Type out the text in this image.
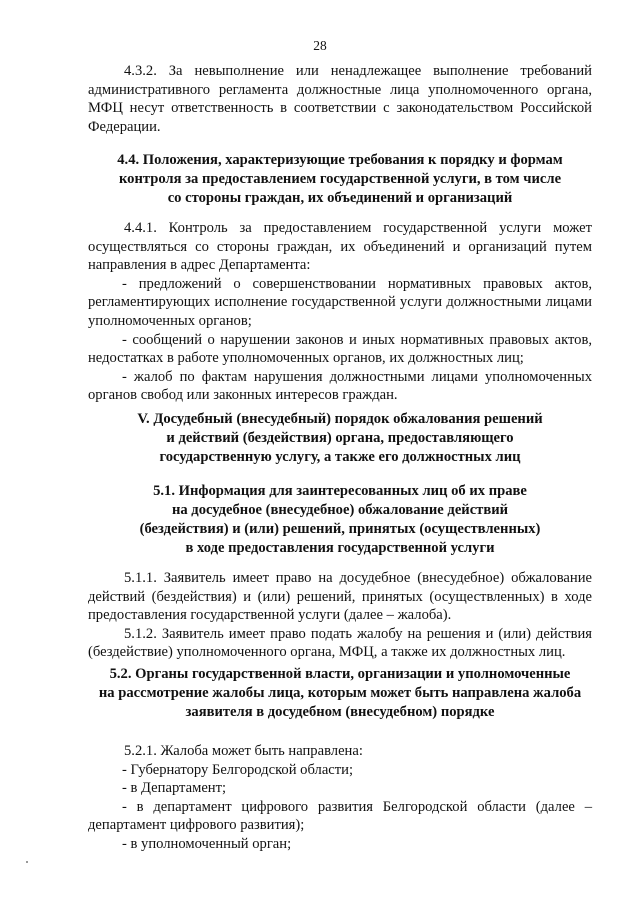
28

4.3.2. За невыполнение или ненадлежащее выполнение требований административного регламента должностные лица уполномоченного органа, МФЦ несут ответственность в соответствии с законодательством Российской Федерации.

4.4. Положения, характеризующие требования к порядку и формам
контроля за предоставлением государственной услуги, в том числе
со стороны граждан, их объединений и организаций

4.4.1. Контроль за предоставлением государственной услуги может осуществляться со стороны граждан, их объединений и организаций путем направления в адрес Департамента:

- предложений о совершенствовании нормативных правовых актов, регламентирующих исполнение государственной услуги должностными лицами уполномоченных органов;

- сообщений о нарушении законов и иных нормативных правовых актов, недостатках в работе уполномоченных органов, их должностных лиц;

- жалоб по фактам нарушения должностными лицами уполномоченных органов свобод или законных интересов граждан.

V. Досудебный (внесудебный) порядок обжалования решений
и действий (бездействия) органа, предоставляющего
государственную услугу, а также его должностных лиц

5.1. Информация для заинтересованных лиц об их праве
на досудебное (внесудебное) обжалование действий
(бездействия) и (или) решений, принятых (осуществленных)
в ходе предоставления государственной услуги

5.1.1. Заявитель имеет право на досудебное (внесудебное) обжалование действий (бездействия) и (или) решений, принятых (осуществленных) в ходе предоставления государственной услуги (далее – жалоба).

5.1.2. Заявитель имеет право подать жалобу на решения и (или) действия (бездействие) уполномоченного органа, МФЦ, а также их должностных лиц.

5.2. Органы государственной власти, организации и уполномоченные
на рассмотрение жалобы лица, которым может быть направлена жалоба
заявителя в досудебном (внесудебном) порядке

5.2.1. Жалоба может быть направлена:

- Губернатору Белгородской области;

- в Департамент;

- в департамент цифрового развития Белгородской области (далее – департамент цифрового развития);

- в уполномоченный орган;
